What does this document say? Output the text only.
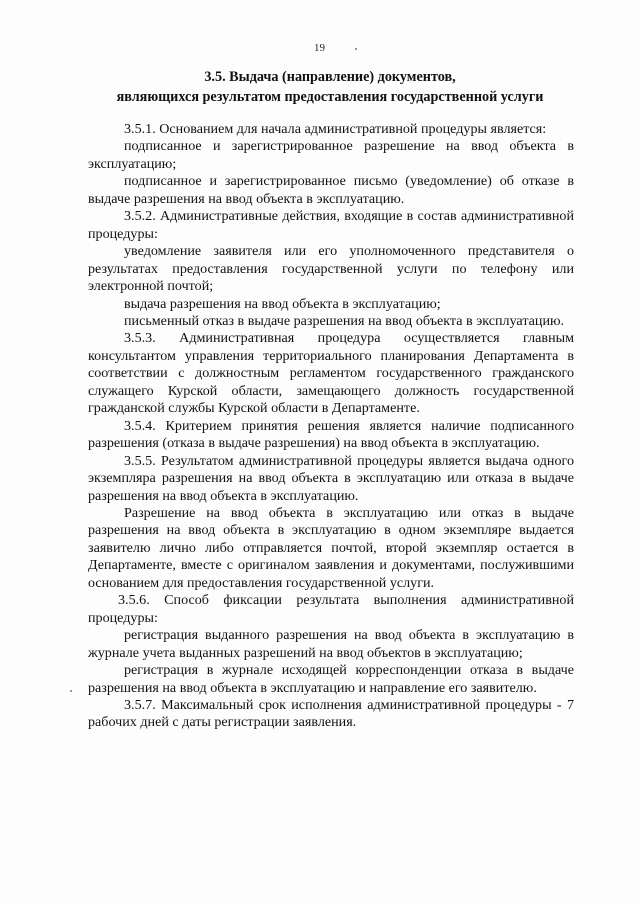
19
3.5. Выдача (направление) документов,
являющихся результатом предоставления государственной услуги

3.5.1. Основанием для начала административной процедуры является:

подписанное и зарегистрированное разрешение на ввод объекта в эксплуатацию;

подписанное и зарегистрированное письмо (уведомление) об отказе в выдаче разрешения на ввод объекта в эксплуатацию.

3.5.2. Административные действия, входящие в состав административной процедуры:

уведомление заявителя или его уполномоченного представителя о результатах предоставления государственной услуги по телефону или электронной почтой;

выдача разрешения на ввод объекта в эксплуатацию;

письменный отказ в выдаче разрешения на ввод объекта в эксплуатацию.

3.5.3. Административная процедура осуществляется главным консультантом управления территориального планирования Департамента в соответствии с должностным регламентом государственного гражданского служащего Курской области, замещающего должность государственной гражданской службы Курской области в Департаменте.

3.5.4. Критерием принятия решения является наличие подписанного разрешения (отказа в выдаче разрешения) на ввод объекта в эксплуатацию.

3.5.5. Результатом административной процедуры является выдача одного экземпляра разрешения на ввод объекта в эксплуатацию или отказа в выдаче разрешения на ввод объекта в эксплуатацию.

Разрешение на ввод объекта в эксплуатацию или отказ в выдаче разрешения на ввод объекта в эксплуатацию в одном экземпляре выдается заявителю лично либо отправляется почтой, второй экземпляр остается в Департаменте, вместе с оригиналом заявления и документами, послужившими основанием для предоставления государственной услуги.

3.5.6. Способ фиксации результата выполнения административной процедуры:

регистрация выданного разрешения на ввод объекта в эксплуатацию в журнале учета выданных разрешений на ввод объектов в эксплуатацию;

регистрация в журнале исходящей корреспонденции отказа в выдаче разрешения на ввод объекта в эксплуатацию и направление его заявителю.

3.5.7. Максимальный срок исполнения административной процедуры - 7 рабочих дней с даты регистрации заявления.
